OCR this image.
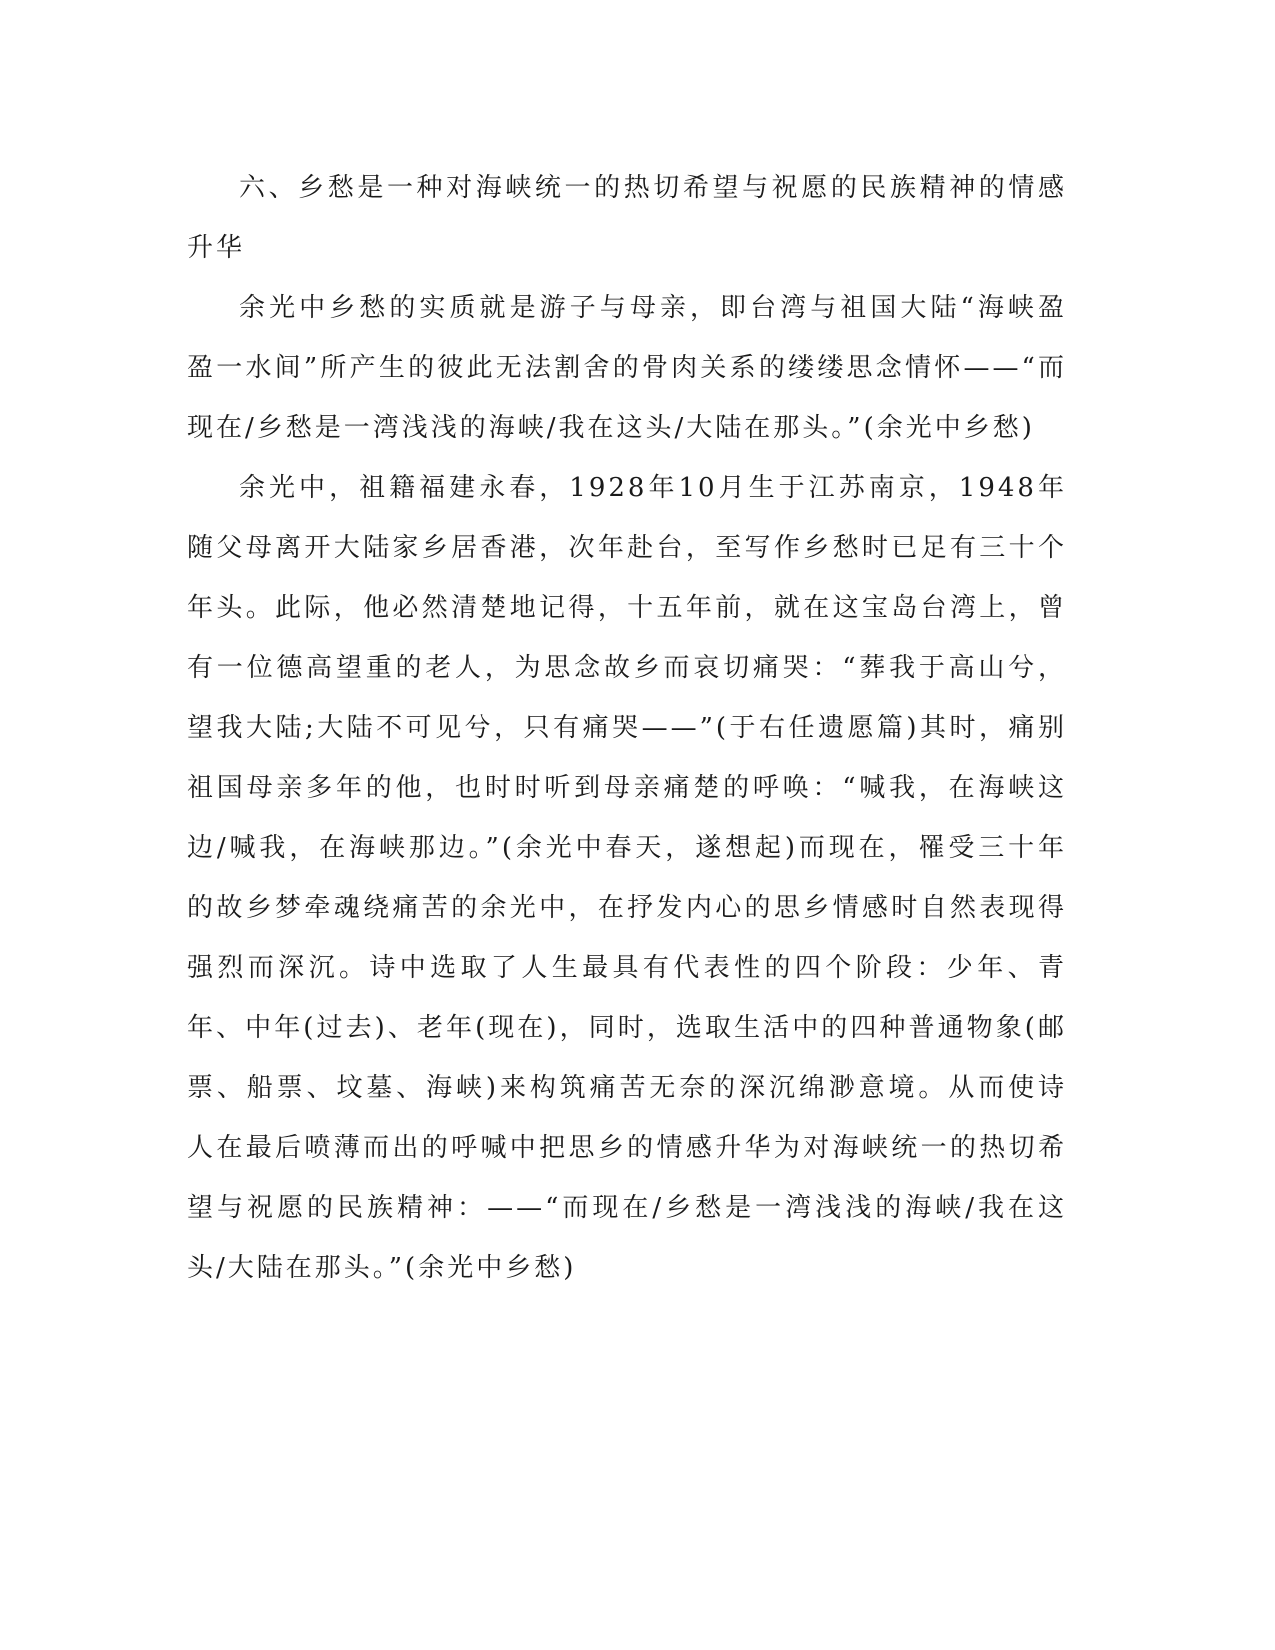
六、乡愁是一种对海峡统一的热切希望与祝愿的民族精神的情感升华

余光中乡愁的实质就是游子与母亲，即台湾与祖国大陆“海峡盈盈一水间”所产生的彼此无法割舍的骨肉关系的缕缕思念情怀——“而现在/乡愁是一湾浅浅的海峡/我在这头/大陆在那头。”(余光中乡愁)

余光中，祖籍福建永春，1928年10月生于江苏南京，1948年随父母离开大陆家乡居香港，次年赴台，至写作乡愁时已足有三十个年头。此际，他必然清楚地记得，十五年前，就在这宝岛台湾上，曾有一位德高望重的老人，为思念故乡而哀切痛哭：“葬我于高山兮，望我大陆;大陆不可见兮，只有痛哭——”(于右任遗愿篇)其时，痛别祖国母亲多年的他，也时时听到母亲痛楚的呼唤：“喊我，在海峡这边/喊我，在海峡那边。”(余光中春天，遂想起)而现在，罹受三十年的故乡梦牵魂绕痛苦的余光中，在抒发内心的思乡情感时自然表现得强烈而深沉。诗中选取了人生最具有代表性的四个阶段：少年、青年、中年(过去)、老年(现在)，同时，选取生活中的四种普通物象(邮票、船票、坟墓、海峡)来构筑痛苦无奈的深沉绵渺意境。从而使诗人在最后喷薄而出的呼喊中把思乡的情感升华为对海峡统一的热切希望与祝愿的民族精神：——“而现在/乡愁是一湾浅浅的海峡/我在这头/大陆在那头。”(余光中乡愁)
